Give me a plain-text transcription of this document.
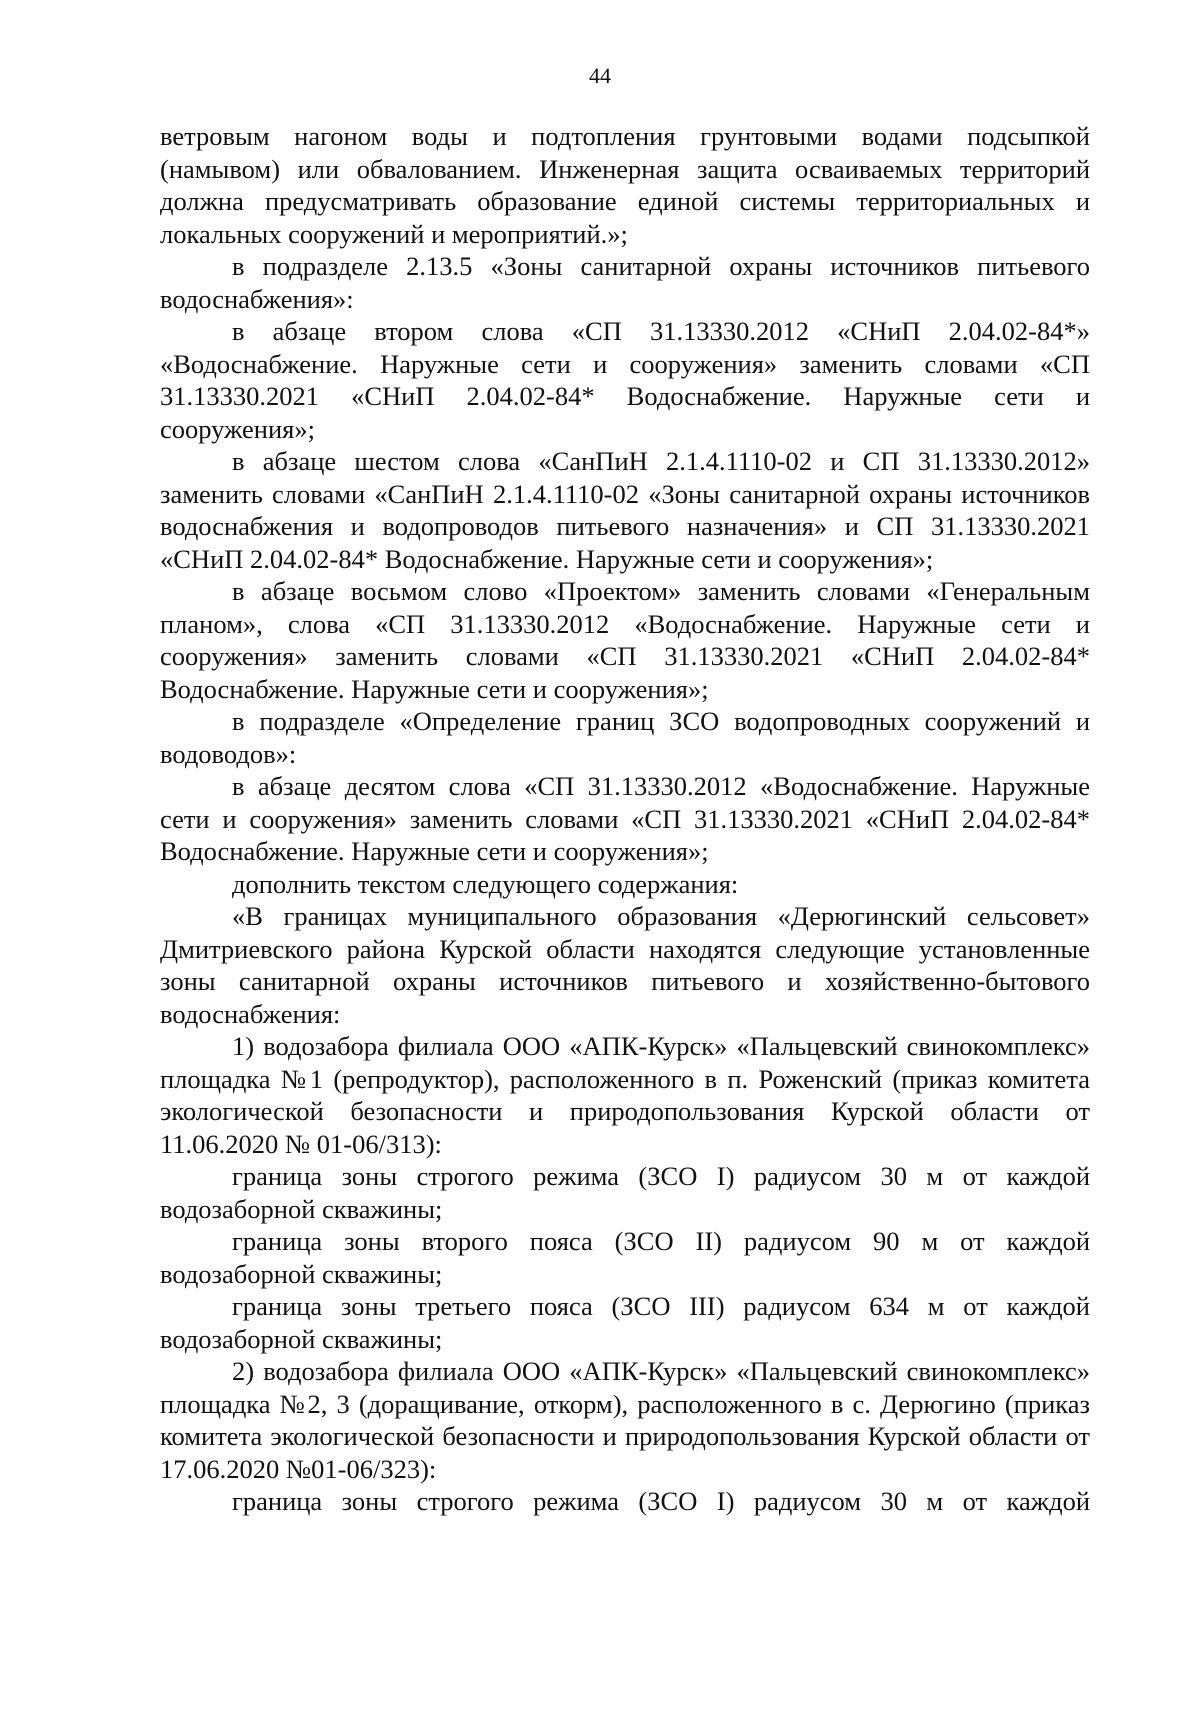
44

ветровым нагоном воды и подтопления грунтовыми водами подсыпкой (намывом) или обвалованием. Инженерная защита осваиваемых территорий должна предусматривать образование единой системы территориальных и локальных сооружений и мероприятий.»;

в подразделе 2.13.5 «Зоны санитарной охраны источников питьевого водоснабжения»:

в абзаце втором слова «СП 31.13330.2012 «СНиП 2.04.02-84*» «Водоснабжение. Наружные сети и сооружения» заменить словами «СП 31.13330.2021 «СНиП 2.04.02-84* Водоснабжение. Наружные сети и сооружения»;

в абзаце шестом слова «СанПиН 2.1.4.1110-02 и СП 31.13330.2012» заменить словами «СанПиН 2.1.4.1110-02 «Зоны санитарной охраны источников водоснабжения и водопроводов питьевого назначения» и СП 31.13330.2021 «СНиП 2.04.02-84* Водоснабжение. Наружные сети и сооружения»;

в абзаце восьмом слово «Проектом» заменить словами «Генеральным планом», слова «СП 31.13330.2012 «Водоснабжение. Наружные сети и сооружения» заменить словами «СП 31.13330.2021 «СНиП 2.04.02-84* Водоснабжение. Наружные сети и сооружения»;

в подразделе «Определение границ ЗСО водопроводных сооружений и водоводов»:

в абзаце десятом слова «СП 31.13330.2012 «Водоснабжение. Наружные сети и сооружения» заменить словами «СП 31.13330.2021 «СНиП 2.04.02-84* Водоснабжение. Наружные сети и сооружения»;

дополнить текстом следующего содержания:

«В границах муниципального образования «Дерюгинский сельсовет» Дмитриевского района Курской области находятся следующие установленные зоны санитарной охраны источников питьевого и хозяйственно-бытового водоснабжения:

1) водозабора филиала ООО «АПК-Курск» «Пальцевский свинокомплекс» площадка №1 (репродуктор), расположенного в п. Роженский (приказ комитета экологической безопасности и природопользования Курской области от 11.06.2020 № 01-06/313):

граница зоны строгого режима (ЗСО I) радиусом 30 м от каждой водозаборной скважины;

граница зоны второго пояса (ЗСО II) радиусом 90 м от каждой водозаборной скважины;

граница зоны третьего пояса (ЗСО III) радиусом 634 м от каждой водозаборной скважины;

2) водозабора филиала ООО «АПК-Курск» «Пальцевский свинокомплекс» площадка №2, 3 (доращивание, откорм), расположенного в с. Дерюгино (приказ комитета экологической безопасности и природопользования Курской области от 17.06.2020 №01-06/323):

граница зоны строгого режима (ЗСО I) радиусом 30 м от каждой
